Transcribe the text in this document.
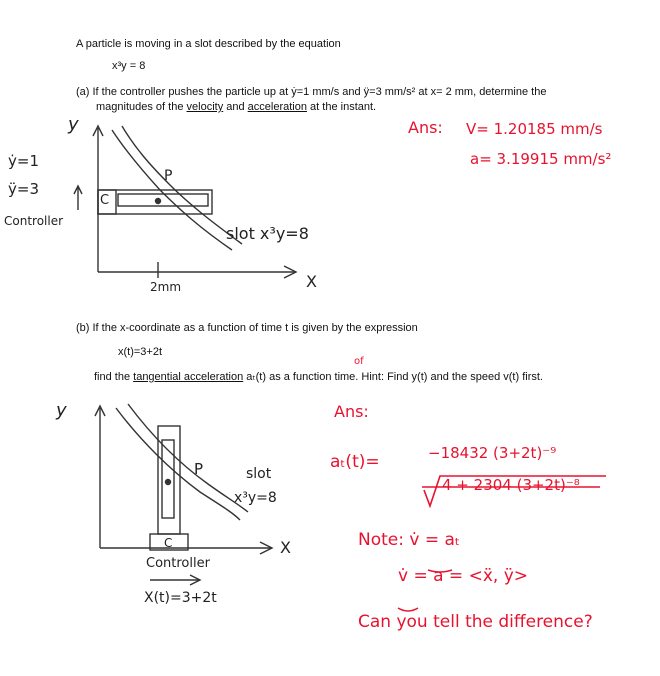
A particle is moving in a slot described by the equation
x³y = 8
(a) If the controller pushes the particle up at ẏ=1 mm/s and ÿ=3 mm/s² at x= 2 mm, determine the
magnitudes of the velocity and acceleration at the instant.
(b) If the x-coordinate as a function of time t is given by the expression
x(t)=3+2t
find the tangential acceleration aₜ(t) as a function time. Hint: Find y(t) and the speed v(t) first.
of
y
ẏ=1
ÿ=3
Controller
C
P
slot x³y=8
2mm	X
y
P	slot
x³y=8
C	X
Controller
X(t)=3+2t
Ans: V= 1.20185 mm/s
a= 3.19915 mm/s²
Ans:
aₜ(t)=	−18432 (3+2t)⁻⁹
4 + 2304 (3+2t)⁻⁸
Note: v̇ = aₜ
v̇ = a = <ẍ, ÿ>
Can you tell the difference?
